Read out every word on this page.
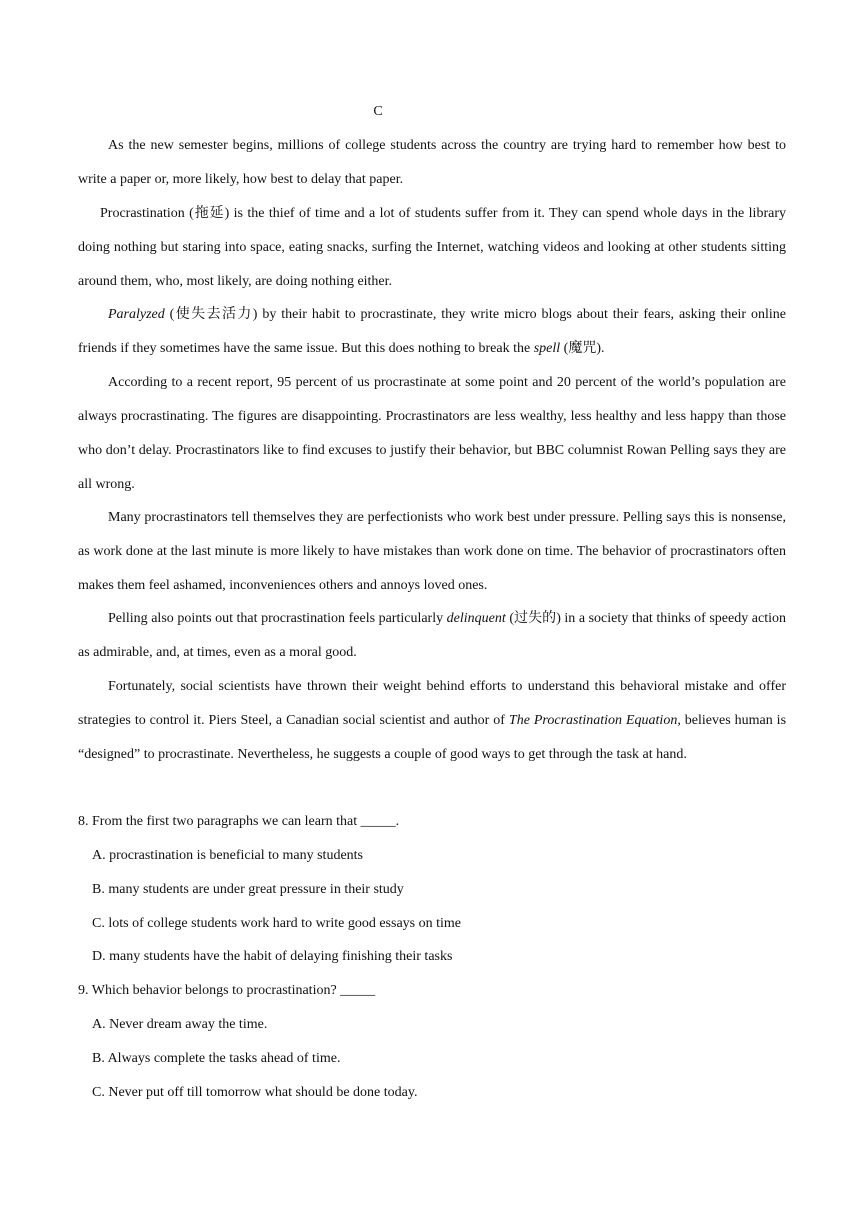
C

As the new semester begins, millions of college students across the country are trying hard to remember how best to write a paper or, more likely, how best to delay that paper.

Procrastination (拖延) is the thief of time and a lot of students suffer from it. They can spend whole days in the library doing nothing but staring into space, eating snacks, surfing the Internet, watching videos and looking at other students sitting around them, who, most likely, are doing nothing either.

Paralyzed (使失去活力) by their habit to procrastinate, they write micro blogs about their fears, asking their online friends if they sometimes have the same issue. But this does nothing to break the spell (魔咒).

According to a recent report, 95 percent of us procrastinate at some point and 20 percent of the world’s population are always procrastinating. The figures are disappointing. Procrastinators are less wealthy, less healthy and less happy than those who don’t delay. Procrastinators like to find excuses to justify their behavior, but BBC columnist Rowan Pelling says they are all wrong.

Many procrastinators tell themselves they are perfectionists who work best under pressure. Pelling says this is nonsense, as work done at the last minute is more likely to have mistakes than work done on time. The behavior of procrastinators often makes them feel ashamed, inconveniences others and annoys loved ones.

Pelling also points out that procrastination feels particularly delinquent (过失的) in a society that thinks of speedy action as admirable, and, at times, even as a moral good.

Fortunately, social scientists have thrown their weight behind efforts to understand this behavioral mistake and offer strategies to control it. Piers Steel, a Canadian social scientist and author of The Procrastination Equation, believes human is “designed” to procrastinate. Nevertheless, he suggests a couple of good ways to get through the task at hand.

8. From the first two paragraphs we can learn that _____.
A. procrastination is beneficial to many students
B. many students are under great pressure in their study
C. lots of college students work hard to write good essays on time
D. many students have the habit of delaying finishing their tasks
9. Which behavior belongs to procrastination? _____
A. Never dream away the time.
B. Always complete the tasks ahead of time.
C. Never put off till tomorrow what should be done today.
